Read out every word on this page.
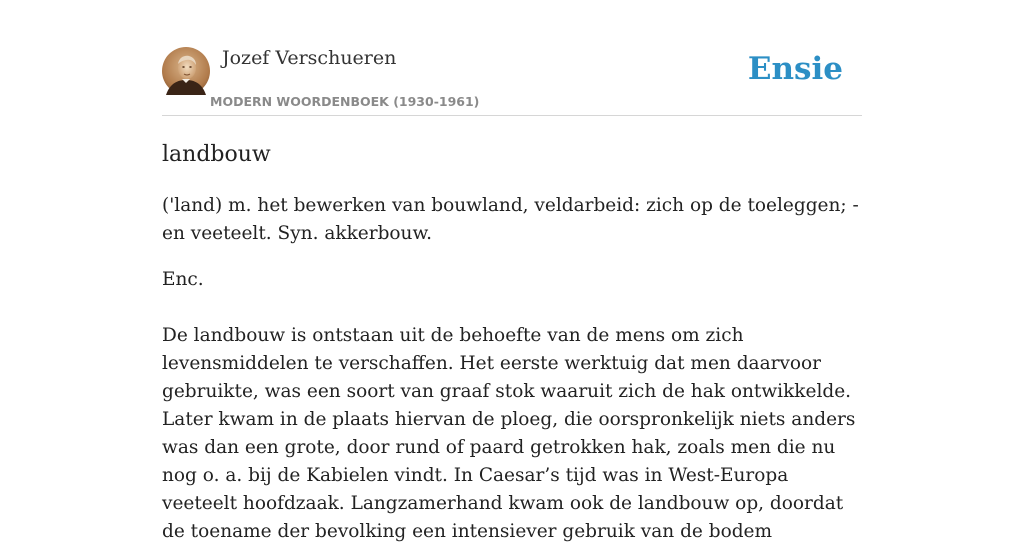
Jozef Verschueren
MODERN WOORDENBOEK (1930-1961)
Ensie
landbouw

('land) m. het bewerken van bouwland, veldarbeid: zich op de toeleggen; - en veeteelt. Syn. akkerbouw.

Enc.

De landbouw is ontstaan uit de behoefte van de mens om zich levensmiddelen te verschaffen. Het eerste werktuig dat men daarvoor gebruikte, was een soort van graaf stok waaruit zich de hak ontwikkelde. Later kwam in de plaats hiervan de ploeg, die oorspronkelijk niets anders was dan een grote, door rund of paard getrokken hak, zoals men die nu nog o. a. bij de Kabielen vindt. In Caesar’s tijd was in West-Europa veeteelt hoofdzaak. Langzamerhand kwam ook de landbouw op, doordat de toename der bevolking een intensiever gebruik van de bodem
